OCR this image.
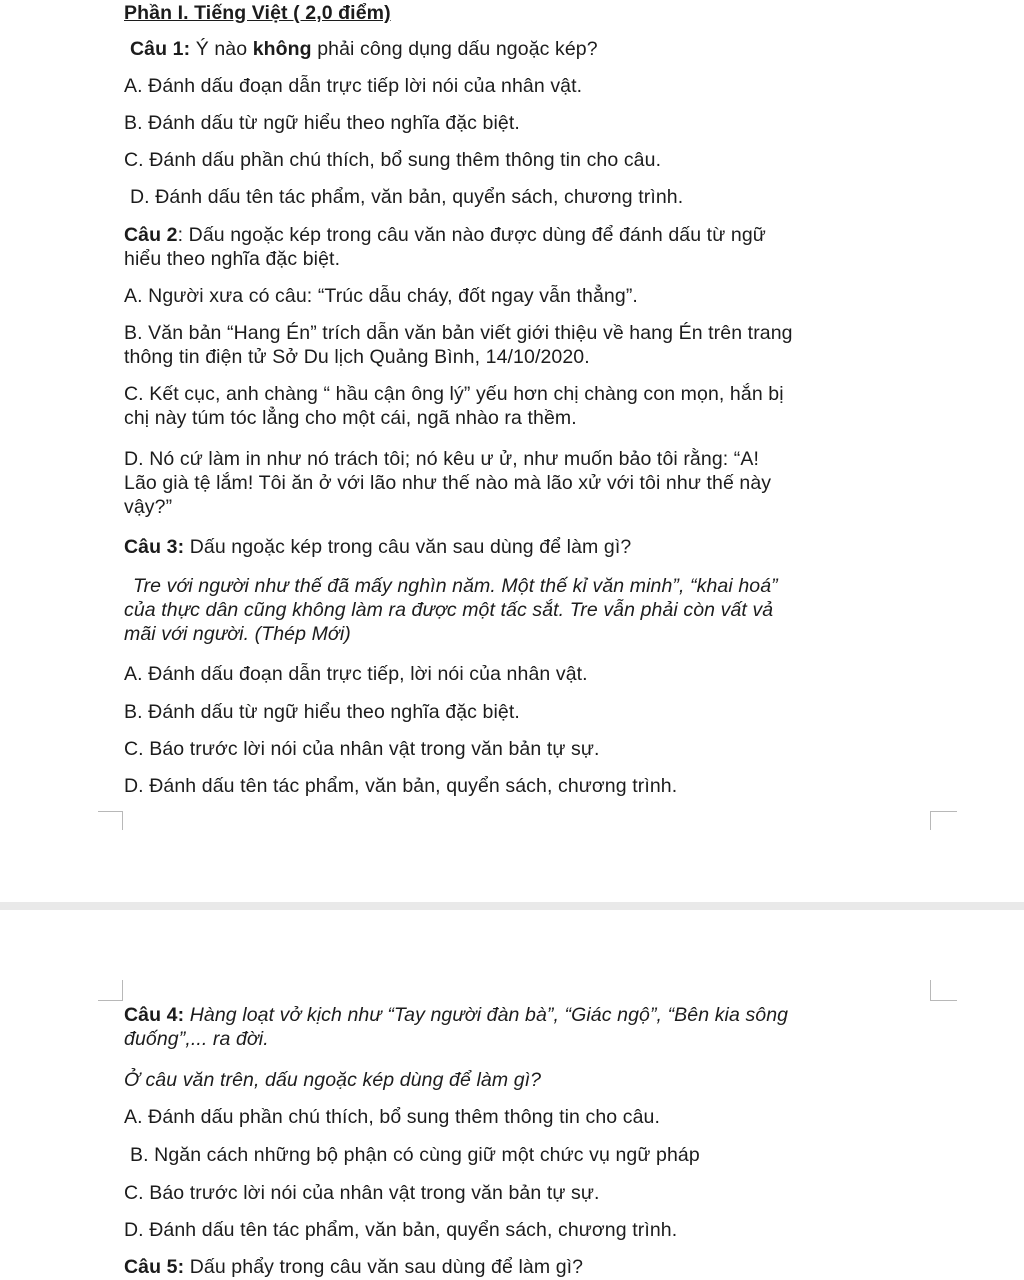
Phần I. Tiếng Việt ( 2,0 điểm)
Câu 1: Ý nào không phải công dụng dấu ngoặc kép?
A. Đánh dấu đoạn dẫn trực tiếp lời nói của nhân vật.
B. Đánh dấu từ ngữ hiểu theo nghĩa đặc biệt.
C. Đánh dấu phần chú thích, bổ sung thêm thông tin cho câu.
D. Đánh dấu tên tác phẩm, văn bản, quyển sách, chương trình.
Câu 2: Dấu ngoặc kép trong câu văn nào được dùng để đánh dấu từ ngữ
hiểu theo nghĩa đặc biệt.
A. Người xưa có câu: “Trúc dẫu cháy, đốt ngay vẫn thẳng”.
B. Văn bản “Hang Én” trích dẫn văn bản viết giới thiệu về hang Én trên trang
thông tin điện tử Sở Du lịch Quảng Bình, 14/10/2020.
C. Kết cục, anh chàng “ hầu cận ông lý” yếu hơn chị chàng con mọn, hắn bị
chị này túm tóc lẳng cho một cái, ngã nhào ra thềm.
D. Nó cứ làm in như nó trách tôi; nó kêu ư ử, như muốn bảo tôi rằng: “A!
Lão già tệ lắm! Tôi ăn ở với lão như thế nào mà lão xử với tôi như thế này
vậy?”
Câu 3: Dấu ngoặc kép trong câu văn sau dùng để làm gì?
Tre với người như thế đã mấy nghìn năm. Một thế kỉ văn minh”, “khai hoá”
của thực dân cũng không làm ra được một tấc sắt. Tre vẫn phải còn vất vả
mãi với người. (Thép Mới)
A. Đánh dấu đoạn dẫn trực tiếp, lời nói của nhân vật.
B. Đánh dấu từ ngữ hiểu theo nghĩa đặc biệt.
C. Báo trước lời nói của nhân vật trong văn bản tự sự.
D. Đánh dấu tên tác phẩm, văn bản, quyển sách, chương trình.
Câu 4: Hàng loạt vở kịch như “Tay người đàn bà”, “Giác ngộ”, “Bên kia sông
đuống”,... ra đời.
Ở câu văn trên, dấu ngoặc kép dùng để làm gì?
A. Đánh dấu phần chú thích, bổ sung thêm thông tin cho câu.
B. Ngăn cách những bộ phận có cùng giữ một chức vụ ngữ pháp
C. Báo trước lời nói của nhân vật trong văn bản tự sự.
D. Đánh dấu tên tác phẩm, văn bản, quyển sách, chương trình.
Câu 5: Dấu phẩy trong câu văn sau dùng để làm gì?
